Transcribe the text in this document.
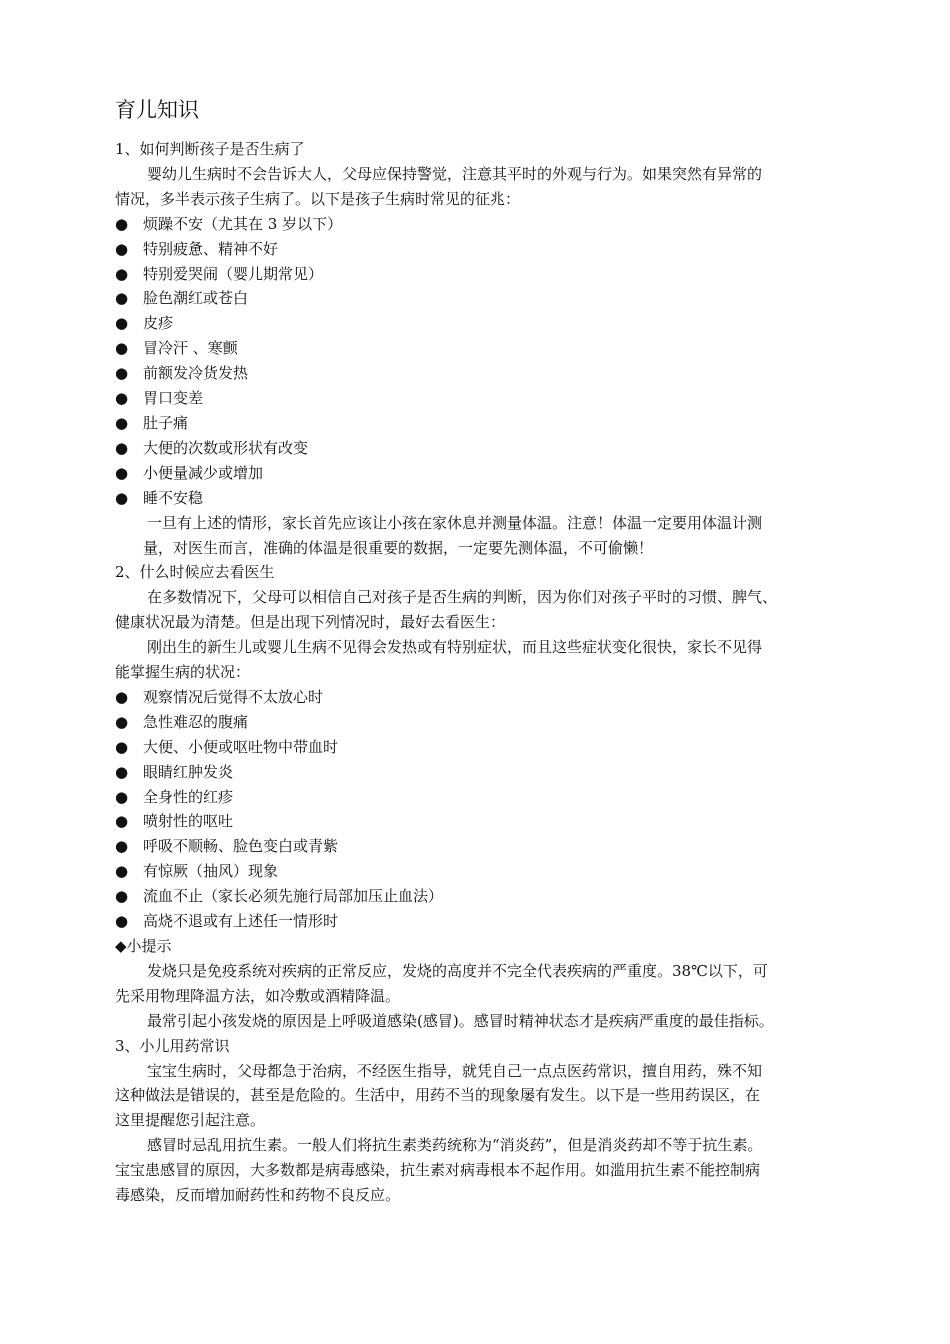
育儿知识
1、如何判断孩子是否生病了
婴幼儿生病时不会告诉大人，父母应保持警觉，注意其平时的外观与行为。如果突然有异常的
情况，多半表示孩子生病了。以下是孩子生病时常见的征兆：
● 烦躁不安（尤其在 3 岁以下）
● 特别疲惫、精神不好
● 特别爱哭闹（婴儿期常见）
● 脸色潮红或苍白
● 皮疹
● 冒冷汗 、寒颤
● 前额发冷货发热
● 胃口变差
● 肚子痛
● 大便的次数或形状有改变
● 小便量减少或增加
● 睡不安稳
一旦有上述的情形，家长首先应该让小孩在家休息并测量体温。注意！体温一定要用体温计测
量，对医生而言，准确的体温是很重要的数据，一定要先测体温，不可偷懒！
2、什么时候应去看医生
在多数情况下，父母可以相信自己对孩子是否生病的判断，因为你们对孩子平时的习惯、脾气、
健康状况最为清楚。但是出现下列情况时，最好去看医生：
刚出生的新生儿或婴儿生病不见得会发热或有特别症状，而且这些症状变化很快，家长不见得
能掌握生病的状况：
● 观察情况后觉得不太放心时
● 急性难忍的腹痛
● 大便、小便或呕吐物中带血时
● 眼睛红肿发炎
● 全身性的红疹
● 喷射性的呕吐
● 呼吸不顺畅、脸色变白或青紫
● 有惊厥（抽风）现象
● 流血不止（家长必须先施行局部加压止血法）
● 高烧不退或有上述任一情形时
◆小提示
发烧只是免疫系统对疾病的正常反应，发烧的高度并不完全代表疾病的严重度。38℃以下，可
先采用物理降温方法，如冷敷或酒精降温。
最常引起小孩发烧的原因是上呼吸道感染(感冒)。感冒时精神状态才是疾病严重度的最佳指标。
3、小儿用药常识
宝宝生病时，父母都急于治病，不经医生指导，就凭自己一点点医药常识，擅自用药，殊不知
这种做法是错误的，甚至是危险的。生活中，用药不当的现象屡有发生。以下是一些用药误区，在
这里提醒您引起注意。
感冒时忌乱用抗生素。一般人们将抗生素类药统称为“消炎药”，但是消炎药却不等于抗生素。
宝宝患感冒的原因，大多数都是病毒感染，抗生素对病毒根本不起作用。如滥用抗生素不能控制病
毒感染，反而增加耐药性和药物不良反应。
